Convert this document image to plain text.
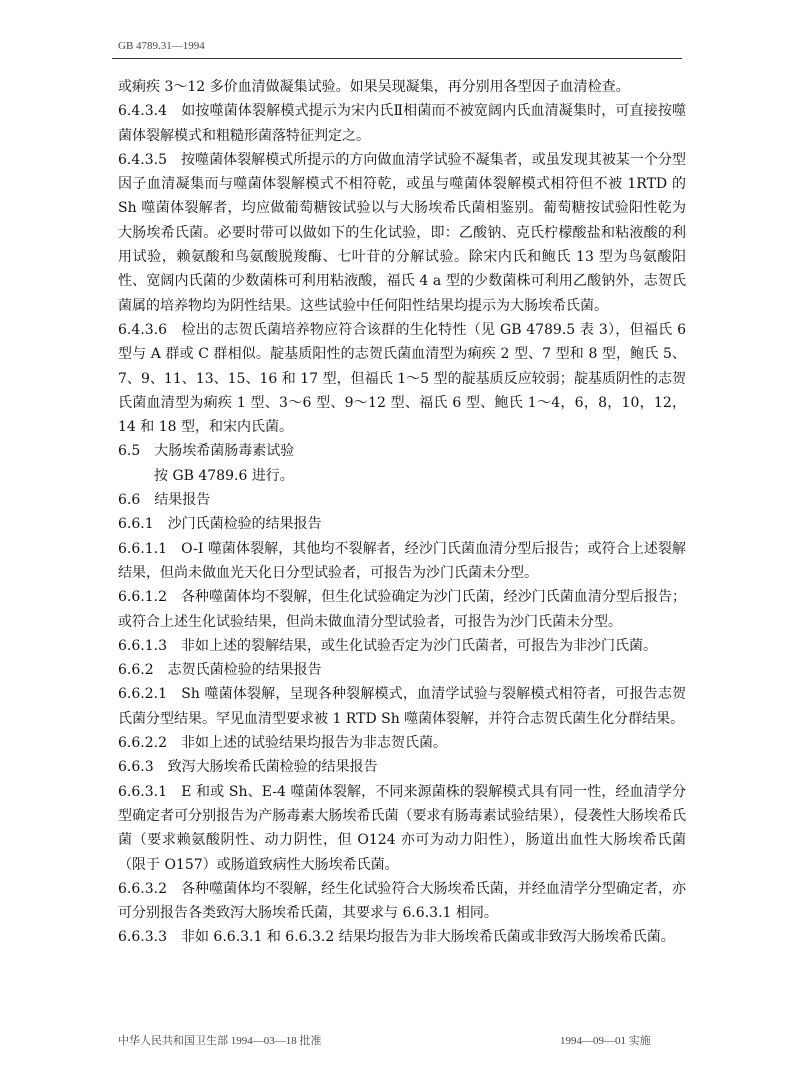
GB 4789.31—1994

或痢疾 3～12 多价血清做凝集试验。如果吴现凝集，再分别用各型因子血清检查。

6.4.3.4　如按噬菌体裂解模式提示为宋内氏Ⅱ相菌而不被宽阔内氏血清凝集时，可直接按噬菌体裂解模式和粗糙形菌落特征判定之。

6.4.3.5　按噬菌体裂解模式所提示的方向做血清学试验不凝集者，或虽发现其被某一个分型因子血清凝集而与噬菌体裂解模式不相符乾，或虽与噬菌体裂解模式相符但不被 1RTD 的 Sh 噬菌体裂解者，均应做葡萄糖铵试验以与大肠埃希氏菌相鉴别。葡萄糖按试验阳性乾为大肠埃希氏菌。必要时带可以做如下的生化试验，即：乙酸钠、克氏柠檬酸盐和粘液酸的利用试验，赖氨酸和鸟氨酸脱羧酶、七叶苷的分解试验。除宋内氏和鲍氏 13 型为鸟氨酸阳性、宽阔内氏菌的少数菌株可利用粘液酸，福氏 4 a 型的少数菌株可利用乙酸钠外，志贺氏菌属的培养物均为阴性结果。这些试验中任何阳性结果均提示为大肠埃希氏菌。

6.4.3.6　检出的志贺氏菌培养物应符合该群的生化特性（见 GB 4789.5 表 3），但福氏 6 型与 A 群或 C 群相似。靛基质阳性的志贺氏菌血清型为痢疾 2 型、7 型和 8 型，鲍氏 5、7、9、11、13、15、16 和 17 型，但福氏 1～5 型的靛基质反应较弱；靛基质阴性的志贺氏菌血清型为痢疾 1 型、3～6 型、9～12 型、福氏 6 型、鲍氏 1～4，6，8，10，12，14 和 18 型，和宋内氏菌。

6.5　大肠埃希菌肠毒素试验

按 GB 4789.6 进行。

6.6　结果报告

6.6.1　沙门氏菌检验的结果报告

6.6.1.1　O-I 噬菌体裂解，其他均不裂解者，经沙门氏菌血清分型后报告；或符合上述裂解结果，但尚未做血光天化日分型试验者，可报告为沙门氏菌未分型。

6.6.1.2　各种噬菌体均不裂解，但生化试验确定为沙门氏菌，经沙门氏菌血清分型后报告；或符合上述生化试验结果，但尚未做血清分型试验者，可报告为沙门氏菌未分型。

6.6.1.3　非如上述的裂解结果，或生化试验否定为沙门氏菌者，可报告为非沙门氏菌。

6.6.2　志贺氏菌检验的结果报告

6.6.2.1　Sh 噬菌体裂解，呈现各种裂解模式，血清学试验与裂解模式相符者，可报告志贺氏菌分型结果。罕见血清型要求被 1 RTD Sh 噬菌体裂解，并符合志贺氏菌生化分群结果。

6.6.2.2　非如上述的试验结果均报告为非志贺氏菌。

6.6.3　致泻大肠埃希氏菌检验的结果报告

6.6.3.1　E 和或 Sh、E-4 噬菌体裂解，不同来源菌株的裂解模式具有同一性，经血清学分型确定者可分别报告为产肠毒素大肠埃希氏菌（要求有肠毒素试验结果），侵袭性大肠埃希氏菌（要求赖氨酸阴性、动力阴性，但 O124 亦可为动力阳性），肠道出血性大肠埃希氏菌（限于 O157）或肠道致病性大肠埃希氏菌。

6.6.3.2　各种噬菌体均不裂解，经生化试验符合大肠埃希氏菌，并经血清学分型确定者，亦可分别报告各类致泻大肠埃希氏菌，其要求与 6.6.3.1 相同。

6.6.3.3　非如 6.6.3.1 和 6.6.3.2 结果均报告为非大肠埃希氏菌或非致泻大肠埃希氏菌。

中华人民共和国卫生部 1994—03—18 批准	1994—09—01 实施
